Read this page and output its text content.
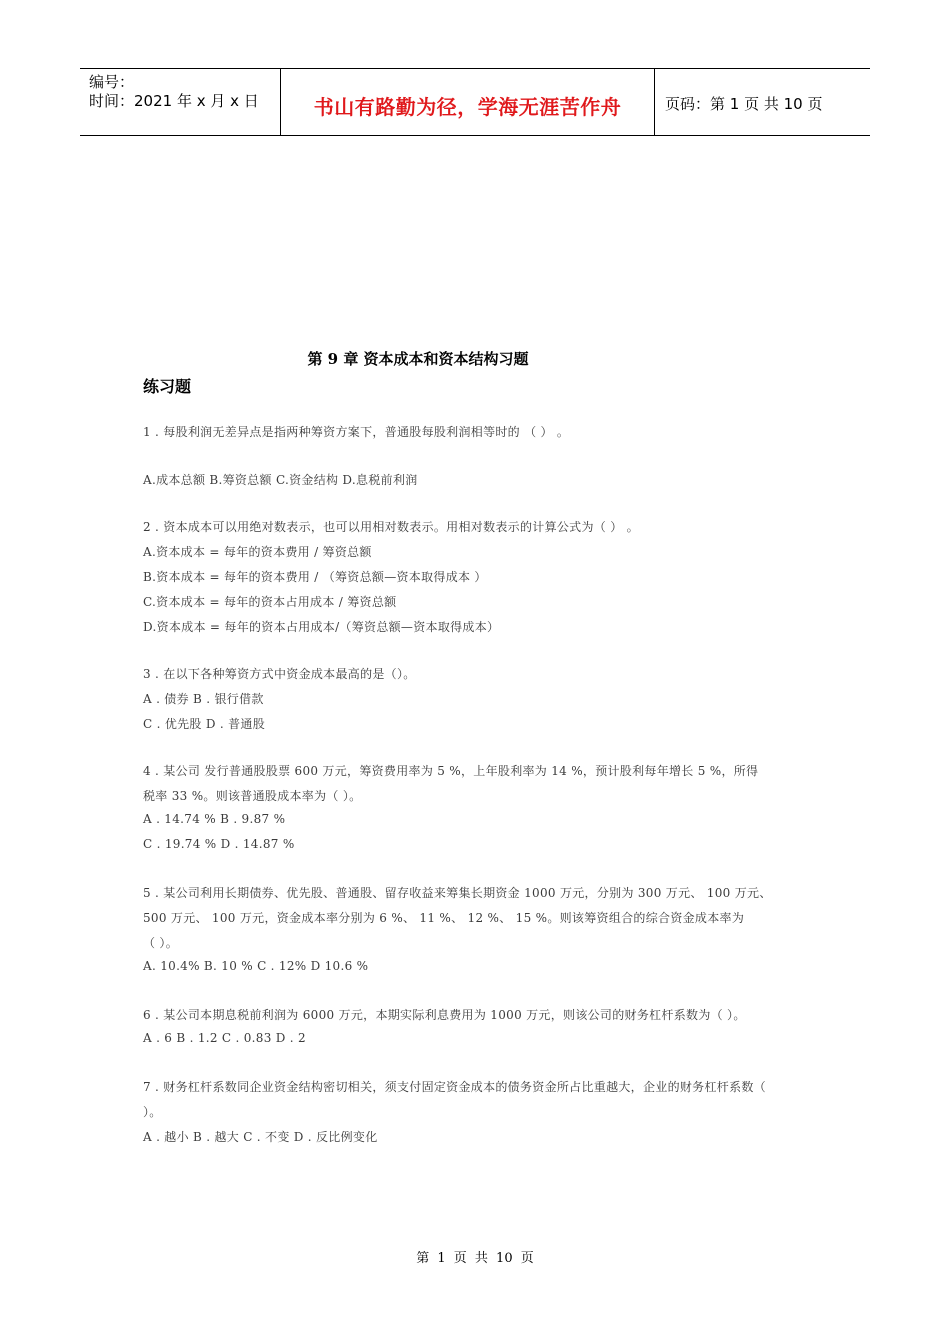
编号：
时间：2021 年 x 月 x 日	书山有路勤为径，学海无涯苦作舟	页码：第 1 页 共 10 页
第 9 章 资本成本和资本结构习题
练习题
1 . 每股利润无差异点是指两种筹资方案下，普通股每股利润相等时的 （ ） 。
A.成本总额 B.筹资总额 C.资金结构 D.息税前利润
2 . 资本成本可以用绝对数表示，也可以用相对数表示。用相对数表示的计算公式为（ ） 。
A.资本成本 = 每年的资本费用 / 筹资总额
B.资本成本 = 每年的资本费用 / （筹资总额—资本取得成本 ）
C.资本成本 = 每年的资本占用成本 / 筹资总额
D.资本成本 = 每年的资本占用成本/（筹资总额—资本取得成本）
3 . 在以下各种筹资方式中资金成本最高的是（）。
A . 债券 B . 银行借款
C . 优先股 D . 普通股
4 . 某公司 发行普通股股票 600 万元，筹资费用率为 5 %，上年股利率为 14 %，预计股利每年增长 5 %，所得
税率 33 %。则该普通股成本率为（ ）。
A . 14.74 % B . 9.87 %
C . 19.74 % D . 14.87 %
5 . 某公司利用长期债券、优先股、普通股、留存收益来筹集长期资金 1000 万元，分别为 300 万元、 100 万元、
500 万元、 100 万元，资金成本率分别为 6 %、 11 %、 12 %、 15 %。则该筹资组合的综合资金成本率为
（ ）。
A. 10.4% B. 10 % C . 12% D 10.6 %
6 . 某公司本期息税前利润为 6000 万元，本期实际利息费用为 1000 万元，则该公司的财务杠杆系数为（ ）。
A . 6 B . 1.2 C . 0.83 D . 2
7 . 财务杠杆系数同企业资金结构密切相关，须支付固定资金成本的债务资金所占比重越大，企业的财务杠杆系数（
）。
A . 越小 B . 越大 C . 不变 D . 反比例变化
第 1 页 共 10 页
